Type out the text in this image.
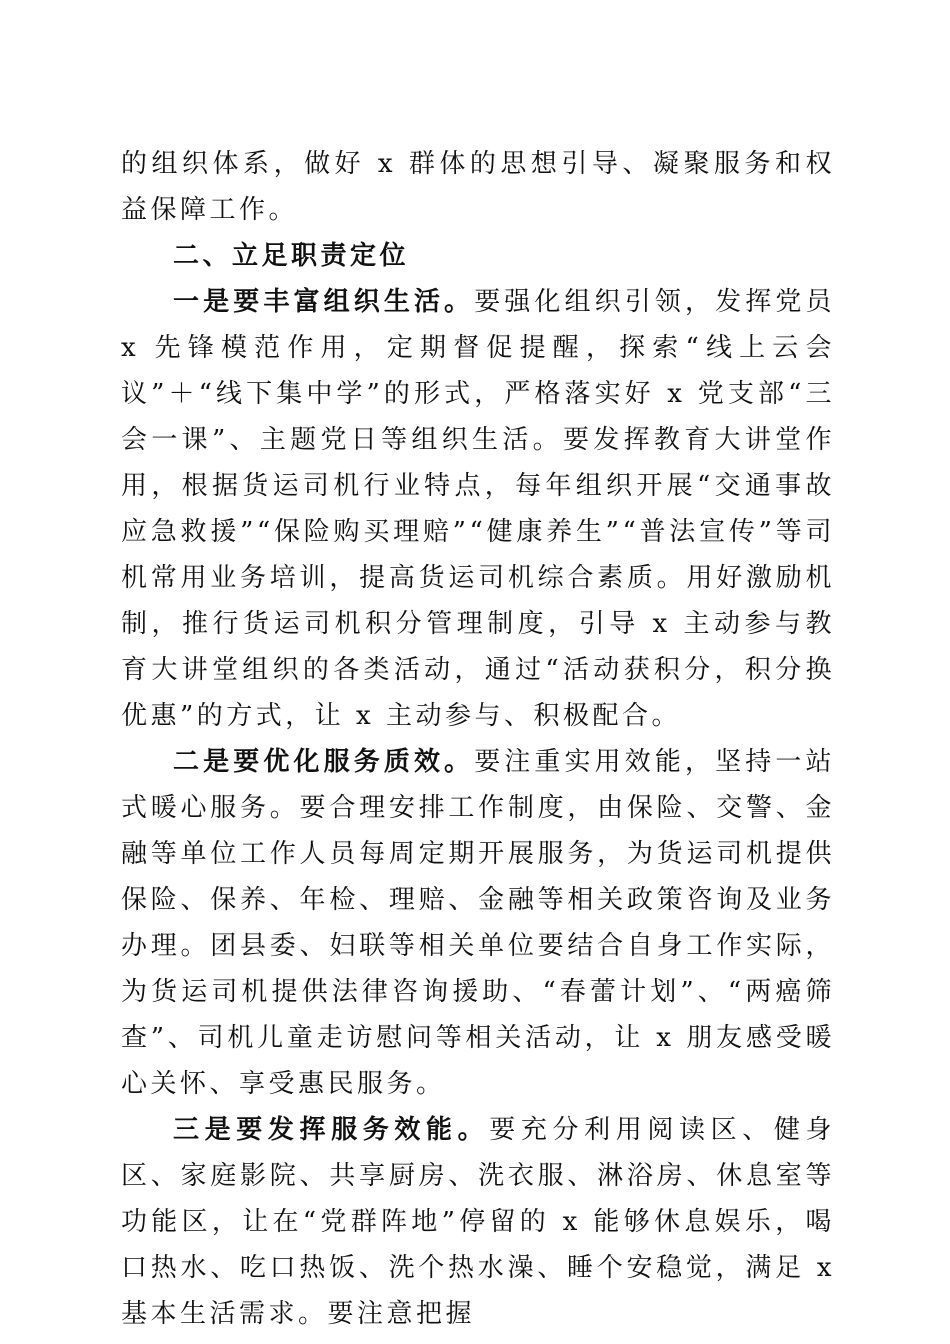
的组织体系，做好 x 群体的思想引导、凝聚服务和权益保障工作。

二、立足职责定位

一是要丰富组织生活。要强化组织引领，发挥党员 x 先锋模范作用，定期督促提醒，探索“线上云会议”＋“线下集中学”的形式，严格落实好 x 党支部“三会一课”、主题党日等组织生活。要发挥教育大讲堂作用，根据货运司机行业特点，每年组织开展“交通事故应急救援”“保险购买理赔”“健康养生”“普法宣传”等司机常用业务培训，提高货运司机综合素质。用好激励机制，推行货运司机积分管理制度，引导 x 主动参与教育大讲堂组织的各类活动，通过“活动获积分，积分换优惠”的方式，让 x 主动参与、积极配合。

二是要优化服务质效。要注重实用效能，坚持一站式暖心服务。要合理安排工作制度，由保险、交警、金融等单位工作人员每周定期开展服务，为货运司机提供保险、保养、年检、理赔、金融等相关政策咨询及业务办理。团县委、妇联等相关单位要结合自身工作实际，为货运司机提供法律咨询援助、“春蕾计划”、“两癌筛查”、司机儿童走访慰问等相关活动，让 x 朋友感受暖心关怀、享受惠民服务。

三是要发挥服务效能。要充分利用阅读区、健身区、家庭影院、共享厨房、洗衣服、淋浴房、休息室等功能区，让在“党群阵地”停留的 x 能够休息娱乐，喝口热水、吃口热饭、洗个热水澡、睡个安稳觉，满足 x 基本生活需求。要注意把握
